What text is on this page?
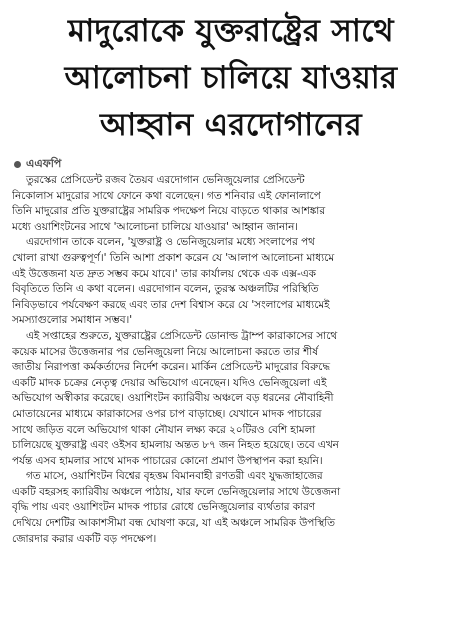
মাদুরোকে যুক্তরাষ্ট্রের সাথে
আলোচনা চালিয়ে যাওয়ার
আহ্বান এরদোগানের
এএফপি

তুরস্কের প্রেসিডেন্ট রজব তৈয়ব এরদোগান ভেনিজুয়েলার প্রেসিডেন্ট
নিকোলাস মাদুরোর সাথে ফোনে কথা বলেছেন। গত শনিবার এই ফোনালাপে
তিনি মাদুরোর প্রতি যুক্তরাষ্ট্রের সামরিক পদক্ষেপ নিয়ে বাড়তে থাকার আশঙ্কার
মধ্যে ওয়াশিংটনের সাথে 'আলোচনা চালিয়ে যাওয়ার' আহ্বান জানান।

এরদোগান তাকে বলেন, 'যুক্তরাষ্ট্র ও ভেনিজুয়েলার মধ্যে সংলাপের পথ
খোলা রাখা গুরুত্বপূর্ণ।' তিনি আশা প্রকাশ করেন যে 'আলাপ আলোচনা মাধ্যমে
এই উত্তেজনা যত দ্রুত সম্ভব কমে যাবে।' তার কার্যালয় থেকে এক এক্স-এক
বিবৃতিতে তিনি এ কথা বলেন। এরদোগান বলেন, তুরস্ক অঞ্চলটির পরিস্থিতি
নিবিড়ভাবে পর্যবেক্ষণ করছে এবং তার দেশ বিশ্বাস করে যে 'সংলাপের মাধ্যমেই
সমস্যাগুলোর সমাধান সম্ভব।'

এই সপ্তাহের শুরুতে, যুক্তরাষ্ট্রের প্রেসিডেন্ট ডোনাল্ড ট্রাম্প কারাকাসের সাথে
কয়েক মাসের উত্তেজনার পর ভেনিজুয়েলা নিয়ে আলোচনা করতে তার শীর্ষ
জাতীয় নিরাপত্তা কর্মকর্তাদের নির্দেশ করেন। মার্কিন প্রেসিডেন্ট মাদুরোর বিরুদ্ধে
একটি মাদক চক্রের নেতৃত্ব দেয়ার অভিযোগ এনেছেন। যদিও ভেনিজুয়েলা এই
অভিযোগ অস্বীকার করেছে। ওয়াশিংটন ক্যারিবীয় অঞ্চলে বড় ধরনের নৌবাহিনী
মোতায়েনের মাধ্যমে কারাকাসের ওপর চাপ বাড়াচ্ছে। যেখানে মাদক পাচারের
সাথে জড়িত বলে অভিযোগ থাকা নৌযান লক্ষ্য করে ২০টিরও বেশি হামলা
চালিয়েছে যুক্তরাষ্ট্র এবং ওইসব হামলায় অন্তত ৮৭ জন নিহত হয়েছে। তবে এখন
পর্যন্ত এসব হামলার সাথে মাদক পাচারের কোনো প্রমাণ উপস্থাপন করা হয়নি।

গত মাসে, ওয়াশিংটন বিশ্বের বৃহত্তম বিমানবাহী রণতরী এবং যুদ্ধজাহাজের
একটি বহরসহ ক্যারিবীয় অঞ্চলে পাঠায়, যার ফলে ভেনিজুয়েলার সাথে উত্তেজনা
বৃদ্ধি পায় এবং ওয়াশিংটন মাদক পাচার রোধে ভেনিজুয়েলার ব্যর্থতার কারণ
দেখিয়ে দেশটির আকাশসীমা বন্ধ ঘোষণা করে, যা এই অঞ্চলে সামরিক উপস্থিতি
জোরদার করার একটি বড় পদক্ষেপ।
